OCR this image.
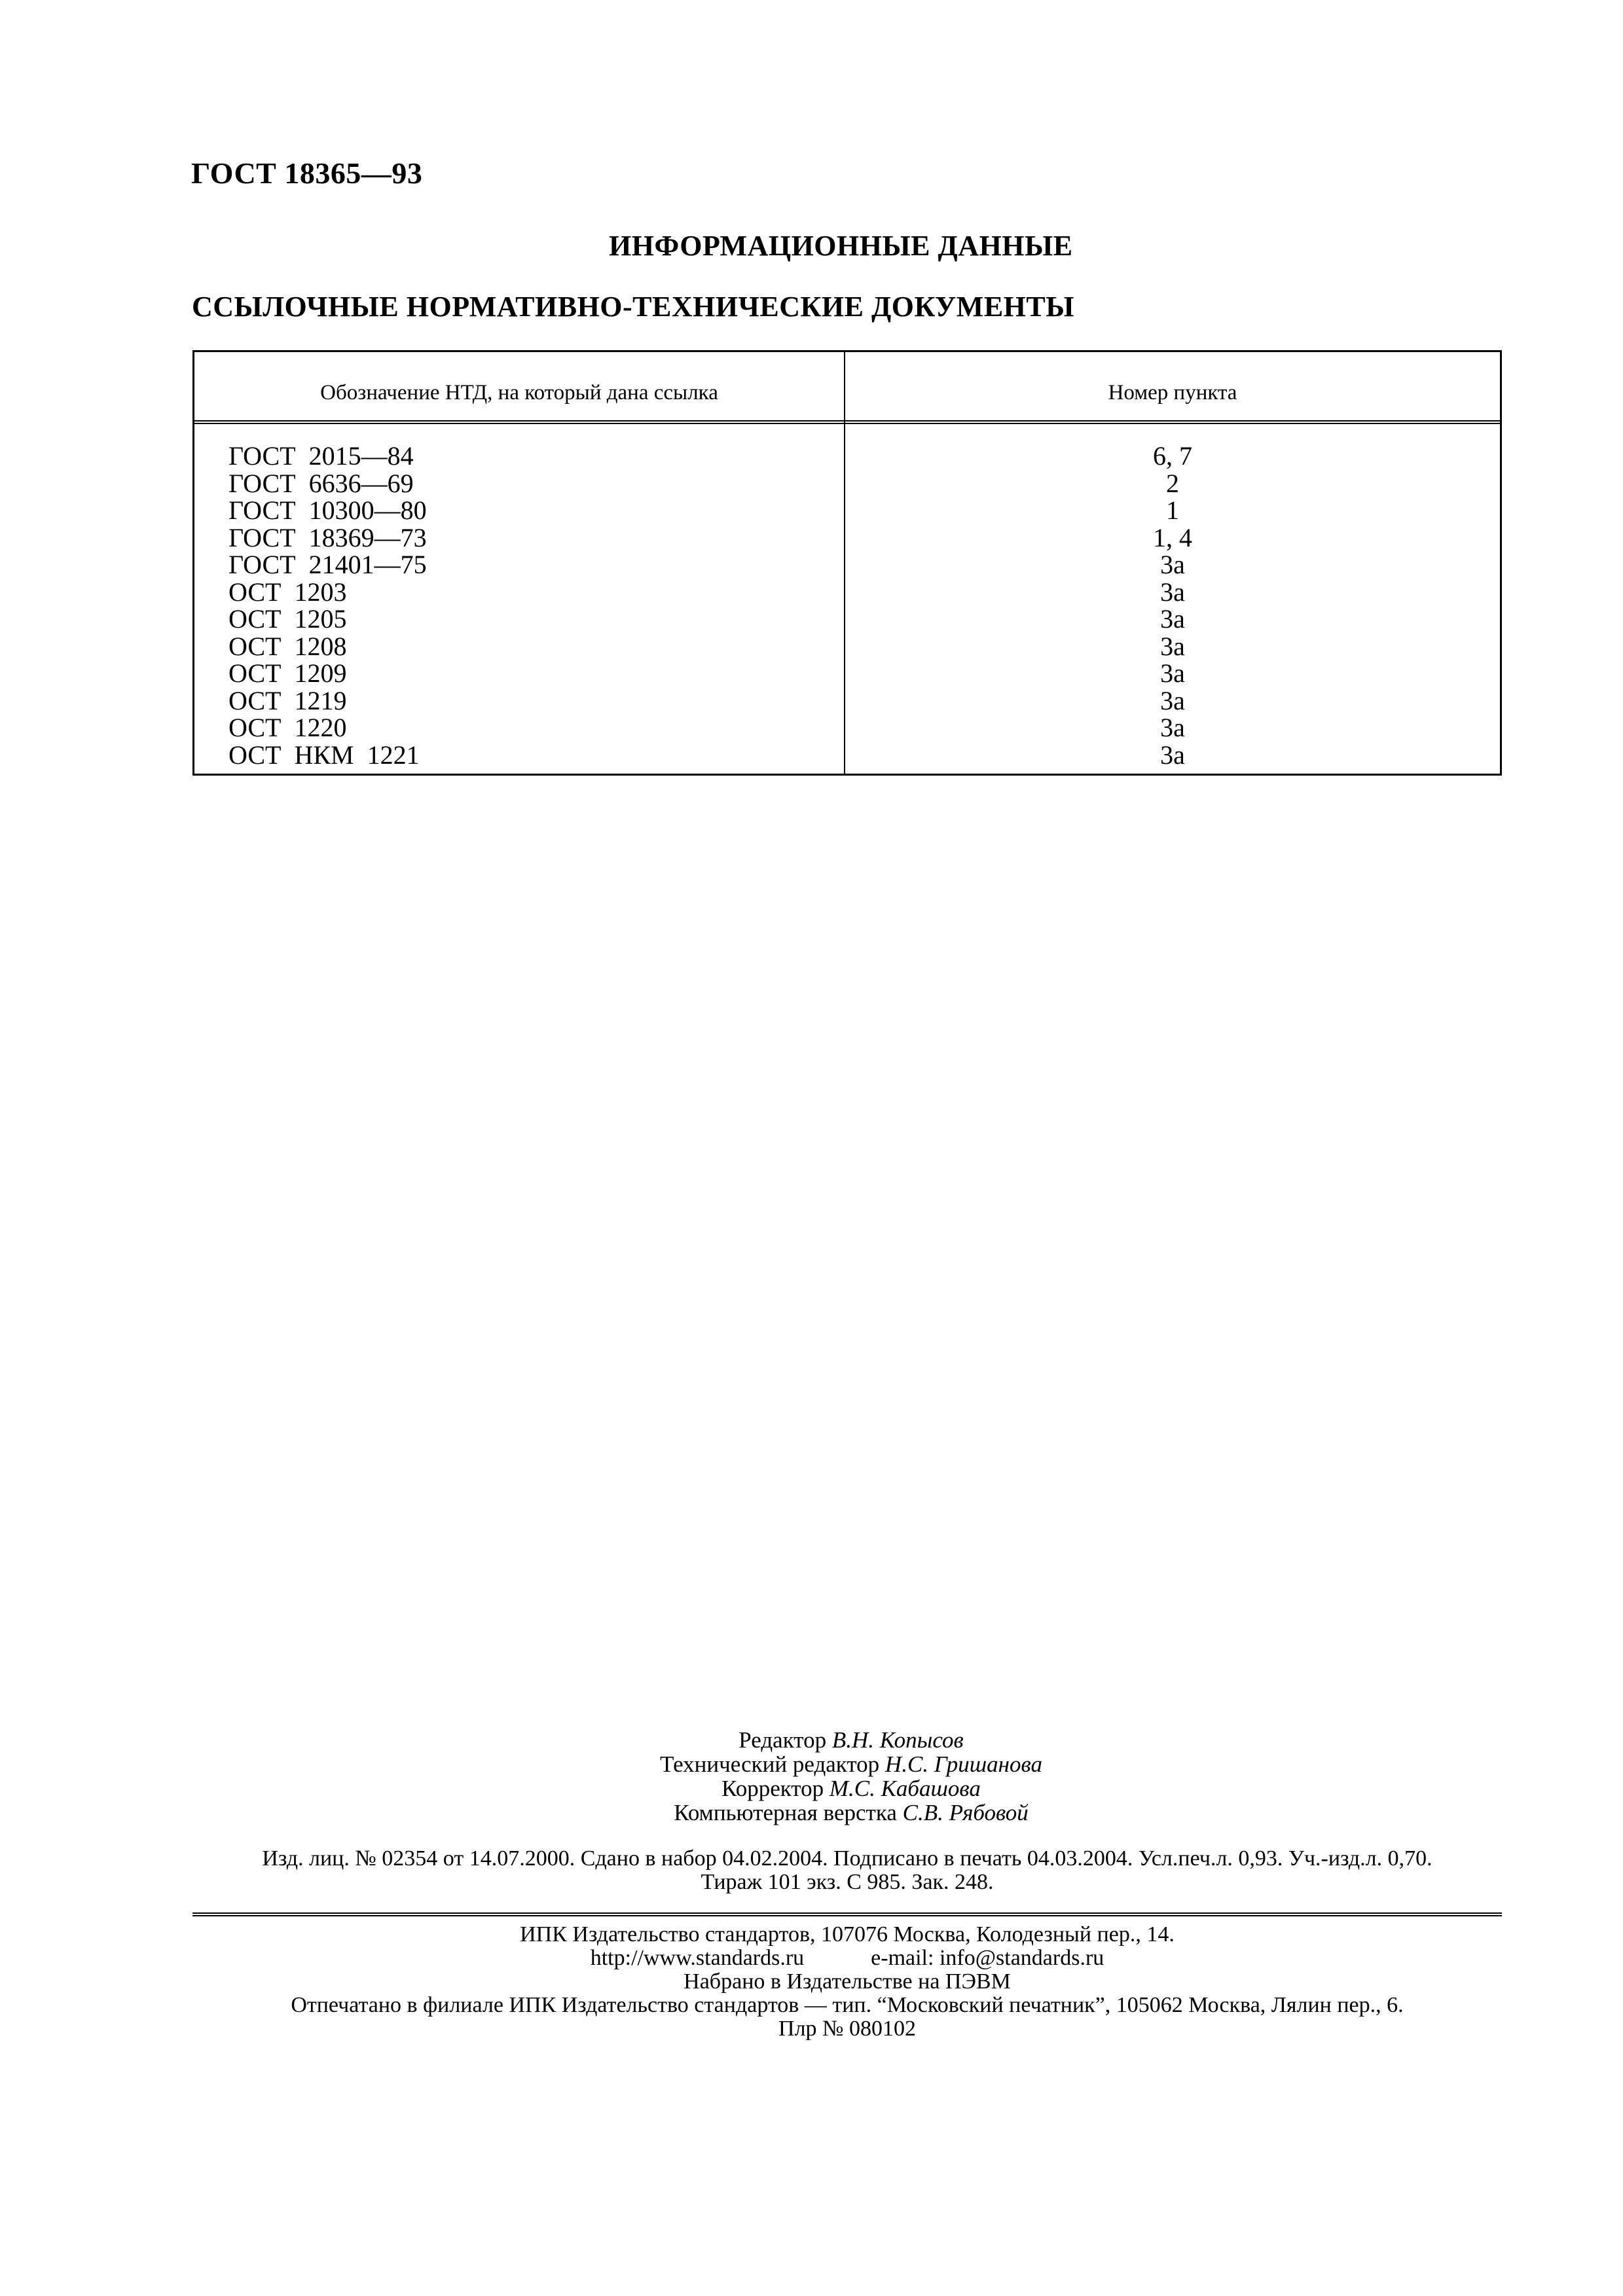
ГОСТ 18365—93
ИНФОРМАЦИОННЫЕ ДАННЫЕ
ССЫЛОЧНЫЕ НОРМАТИВНО-ТЕХНИЧЕСКИЕ ДОКУМЕНТЫ
Обозначение НТД, на который дана ссылка	Номер пункта
ГОСТ  2015—84	6, 7
ГОСТ  6636—69	2
ГОСТ  10300—80	1
ГОСТ  18369—73	1, 4
ГОСТ  21401—75	3а
ОСТ  1203	3а
ОСТ  1205	3а
ОСТ  1208	3а
ОСТ  1209	3а
ОСТ  1219	3а
ОСТ  1220	3а
ОСТ  НКМ  1221	3а
Редактор В.Н. Копысов
Технический редактор Н.С. Гришанова
Корректор М.С. Кабашова
Компьютерная верстка С.В. Рябовой
Изд. лиц. № 02354 от 14.07.2000. Сдано в набор 04.02.2004. Подписано в печать 04.03.2004. Усл.печ.л. 0,93. Уч.-изд.л. 0,70.
Тираж 101 экз. С 985. Зак. 248.
ИПК Издательство стандартов, 107076 Москва, Колодезный пер., 14.
http://www.standards.ru	e-mail: info@standards.ru
Набрано в Издательстве на ПЭВМ
Отпечатано в филиале ИПК Издательство стандартов — тип. “Московский печатник”, 105062 Москва, Лялин пер., 6.
Плр № 080102
